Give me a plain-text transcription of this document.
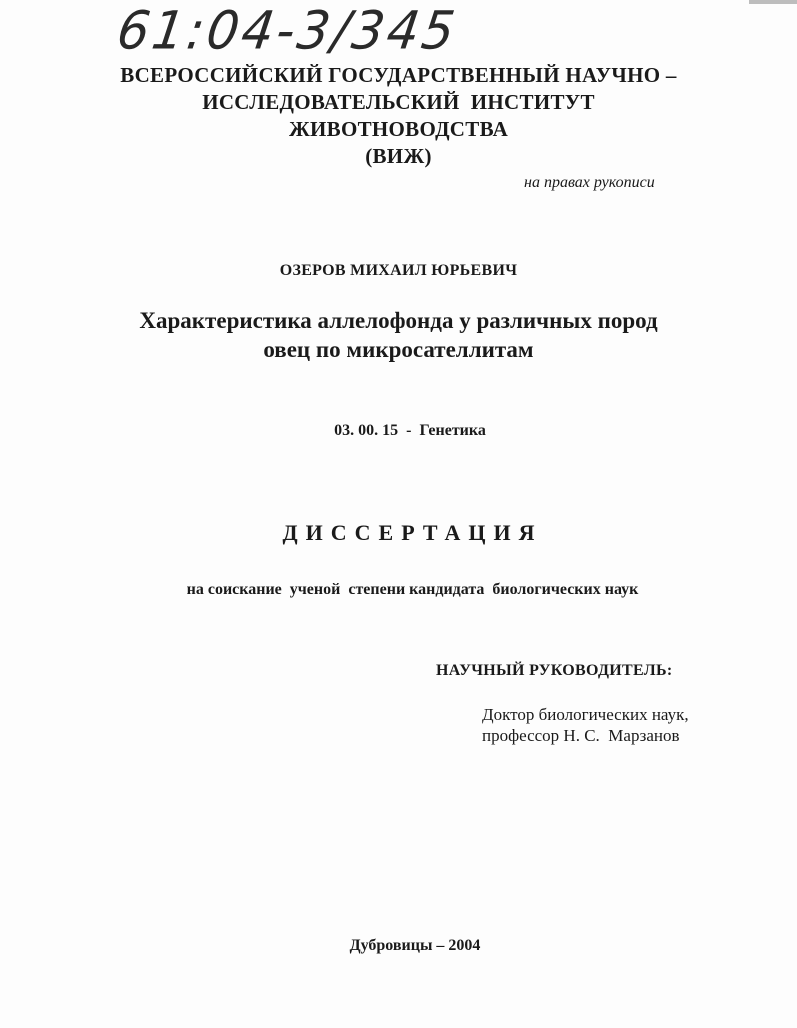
61:04-3/345
ВСЕРОССИЙСКИЙ ГОСУДАРСТВЕННЫЙ НАУЧНО –
ИССЛЕДОВАТЕЛЬСКИЙ  ИНСТИТУТ
ЖИВОТНОВОДСТВА
(ВИЖ)
на правах рукописи
ОЗЕРОВ МИХАИЛ ЮРЬЕВИЧ
Характеристика аллелофонда у различных пород
овец по микросателлитам
03. 00. 15  -  Генетика
ДИССЕРТАЦИЯ
на соискание  ученой  степени кандидата  биологических наук
НАУЧНЫЙ РУКОВОДИТЕЛЬ:
Доктор биологических наук,
профессор Н. С.  Марзанов
Дубровицы – 2004
